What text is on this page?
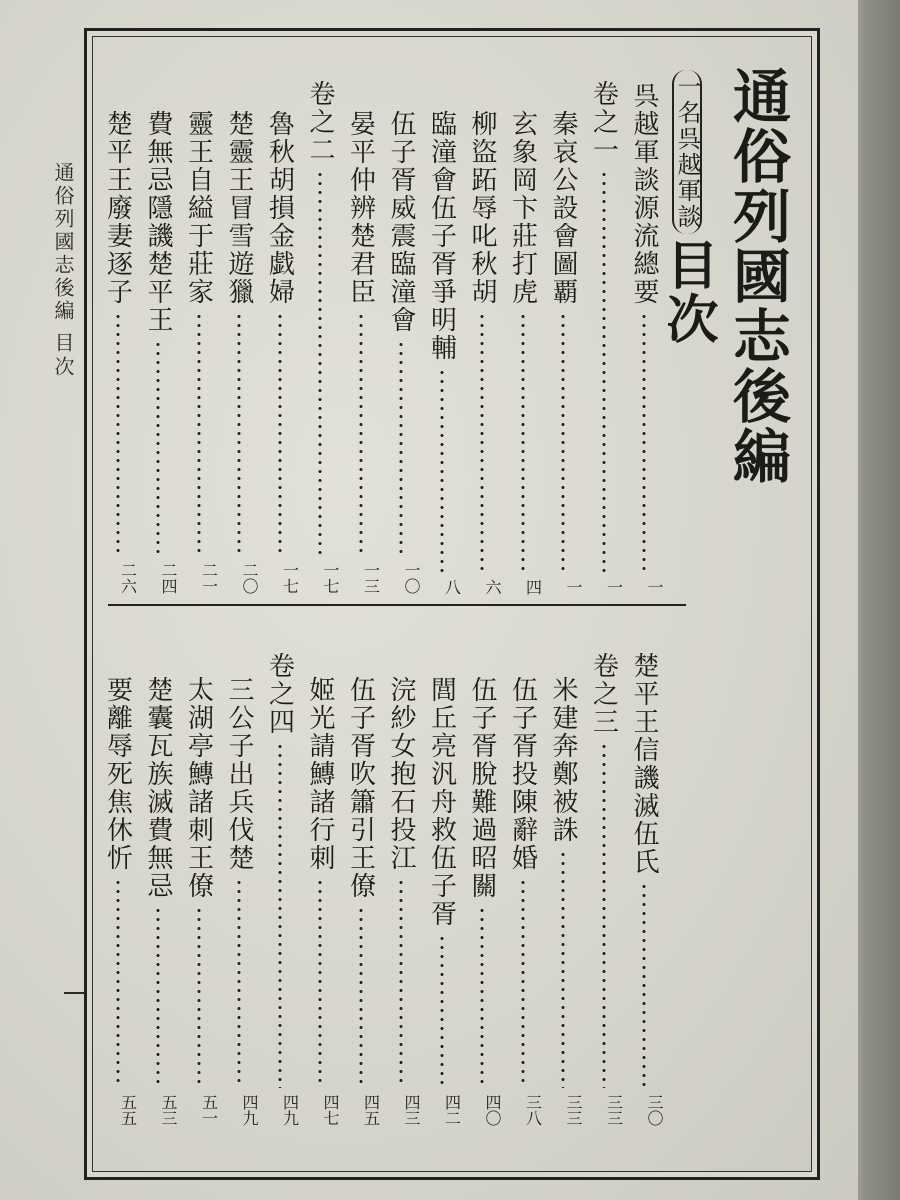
通俗列國志後編
目次	通俗列國志後編一名呉越軍談目次
呉越軍談源流總要
一
卷之一
一
秦哀公設會圖覇
一
玄象岡卞莊打虎
四
柳盜跖辱叱秋胡
六
臨潼會伍子胥爭明輔
八
伍子胥威震臨潼會
一〇
晏平仲辨楚君臣
一三
卷之二
一七
魯秋胡損金戯婦
一七
楚靈王冒雪遊獵
二〇
靈王自縊于莊家
二一
費無忌隱譏楚平王
二四
楚平王廢妻逐子
二六
楚平王信譏滅伍氏
三〇
卷之三
三三
米建奔鄭被誅
三三
伍子胥投陳辭婚
三八
伍子胥脫難過昭關
四〇
閭丘亮汎舟救伍子胥
四二
浣紗女抱石投江
四三
伍子胥吹簫引王僚
四五
姬光請鱄諸行刺
四七
卷之四
四九
三公子出兵伐楚
四九
太湖亭鱄諸刺王僚
五一
楚囊瓦族滅費無忌
五三
要離辱死焦休忻
五五
